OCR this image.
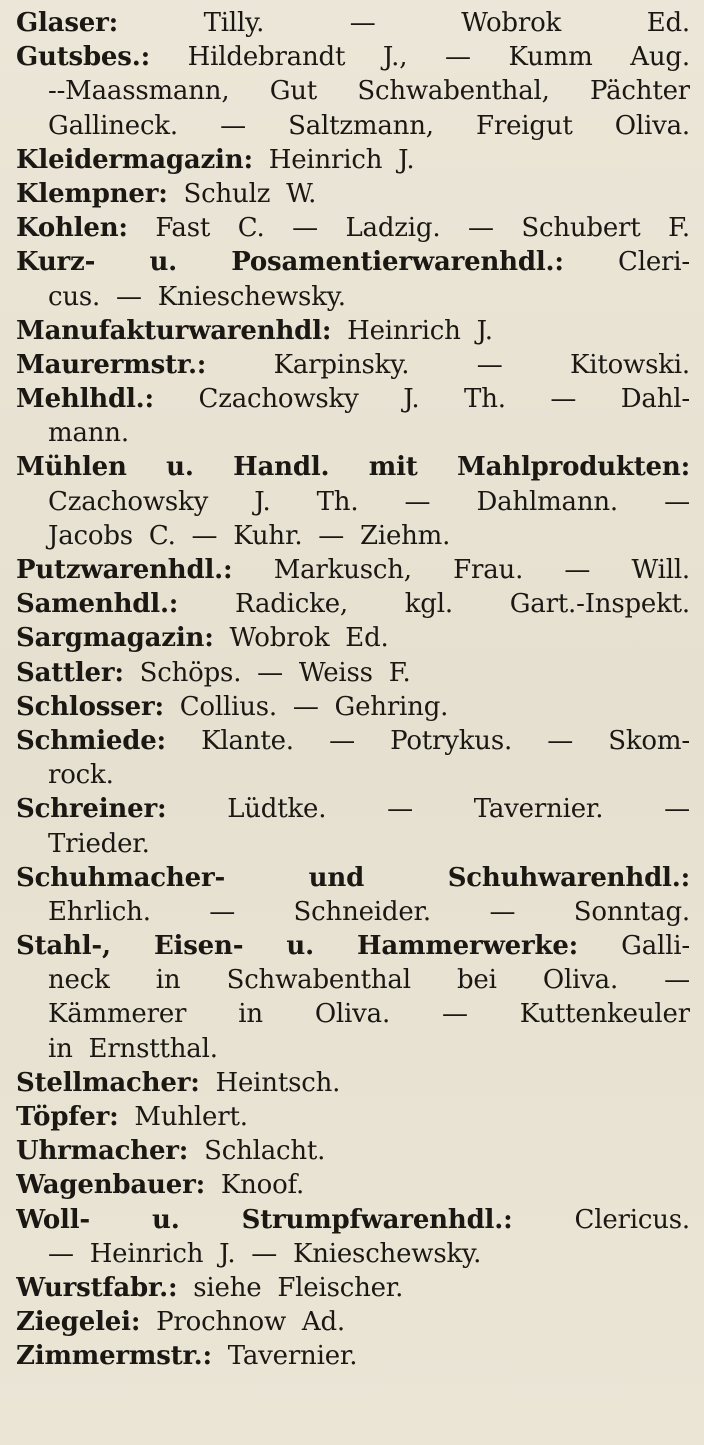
Glaser:	Tilly.	—	Wobrok	Ed.
Gutsbes.: Hildebrandt J., — Kumm Aug.
--Maassmann, Gut Schwabenthal, Pächter
Gallineck. — Saltzmann, Freigut Oliva.
Kleidermagazin: Heinrich J.
Klempner: Schulz W.
Kohlen: Fast C. — Ladzig. — Schubert F.
Kurz- u. Posamentierwarenhdl.: Cleri-
cus. — Knieschewsky.
Manufakturwarenhdl: Heinrich J.
Maurermstr.:	Karpinsky.	—	Kitowski.
Mehlhdl.: Czachowsky J. Th. — Dahl-
mann.
Mühlen u. Handl. mit Mahlprodukten:
Czachowsky J. Th. — Dahlmann. —
Jacobs C. — Kuhr. — Ziehm.
Putzwarenhdl.: Markusch, Frau. — Will.
Samenhdl.: Radicke, kgl. Gart.-Inspekt.
Sargmagazin: Wobrok Ed.
Sattler: Schöps. — Weiss F.
Schlosser: Collius. — Gehring.
Schmiede: Klante. — Potrykus. — Skom-
rock.
Schreiner: Lüdtke. — Tavernier. —
Trieder.
Schuhmacher-	und	Schuhwarenhdl.:
Ehrlich. — Schneider. — Sonntag.
Stahl-, Eisen- u. Hammerwerke: Galli-
neck in Schwabenthal bei Oliva. —
Kämmerer in Oliva. — Kuttenkeuler
in Ernstthal.
Stellmacher: Heintsch.
Töpfer: Muhlert.
Uhrmacher: Schlacht.
Wagenbauer: Knoof.
Woll- u. Strumpfwarenhdl.: Clericus.
— Heinrich J. — Knieschewsky.
Wurstfabr.: siehe Fleischer.
Ziegelei: Prochnow Ad.
Zimmermstr.: Tavernier.
